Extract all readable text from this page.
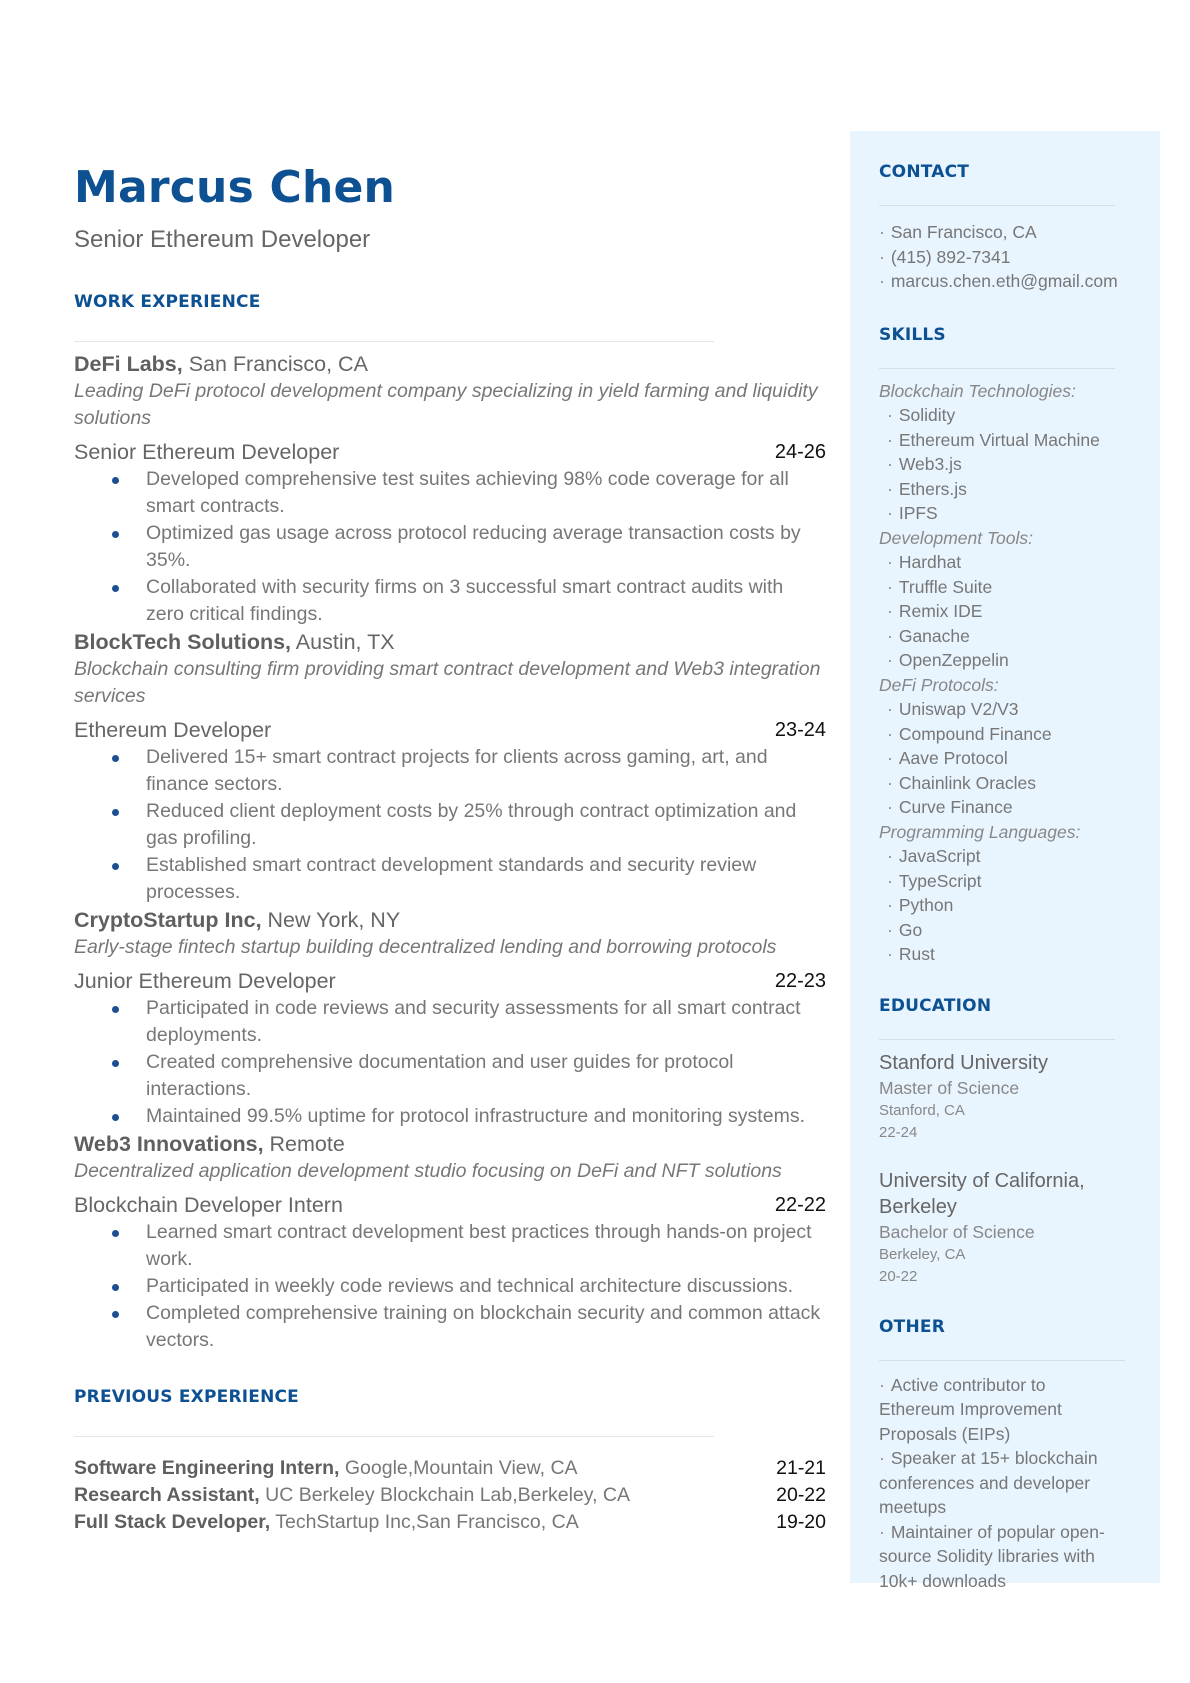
Marcus Chen
Senior Ethereum Developer
WORK EXPERIENCE
DeFi Labs, San Francisco, CA
Leading DeFi protocol development company specializing in yield farming and liquidity solutions
Senior Ethereum Developer	24-26
Developed comprehensive test suites achieving 98% code coverage for all smart contracts.
Optimized gas usage across protocol reducing average transaction costs by 35%.
Collaborated with security firms on 3 successful smart contract audits with zero critical findings.
BlockTech Solutions, Austin, TX
Blockchain consulting firm providing smart contract development and Web3 integration services
Ethereum Developer	23-24
Delivered 15+ smart contract projects for clients across gaming, art, and finance sectors.
Reduced client deployment costs by 25% through contract optimization and gas profiling.
Established smart contract development standards and security review processes.
CryptoStartup Inc, New York, NY
Early-stage fintech startup building decentralized lending and borrowing protocols
Junior Ethereum Developer	22-23
Participated in code reviews and security assessments for all smart contract deployments.
Created comprehensive documentation and user guides for protocol interactions.
Maintained 99.5% uptime for protocol infrastructure and monitoring systems.
Web3 Innovations, Remote
Decentralized application development studio focusing on DeFi and NFT solutions
Blockchain Developer Intern	22-22
Learned smart contract development best practices through hands-on project work.
Participated in weekly code reviews and technical architecture discussions.
Completed comprehensive training on blockchain security and common attack vectors.
PREVIOUS EXPERIENCE
Software Engineering Intern, Google,Mountain View, CA	21-21
Research Assistant, UC Berkeley Blockchain Lab,Berkeley, CA	20-22
Full Stack Developer, TechStartup Inc,San Francisco, CA	19-20
CONTACT
· San Francisco, CA
· (415) 892-7341
· marcus.chen.eth@gmail.com
SKILLS
Blockchain Technologies:
· Solidity
· Ethereum Virtual Machine
· Web3.js
· Ethers.js
· IPFS
Development Tools:
· Hardhat
· Truffle Suite
· Remix IDE
· Ganache
· OpenZeppelin
DeFi Protocols:
· Uniswap V2/V3
· Compound Finance
· Aave Protocol
· Chainlink Oracles
· Curve Finance
Programming Languages:
· JavaScript
· TypeScript
· Python
· Go
· Rust
EDUCATION
Stanford University
Master of Science
Stanford, CA
22-24
University of California, Berkeley
Bachelor of Science
Berkeley, CA
20-22
OTHER
· Active contributor to Ethereum Improvement Proposals (EIPs)
· Speaker at 15+ blockchain conferences and developer meetups
· Maintainer of popular open-source Solidity libraries with 10k+ downloads
